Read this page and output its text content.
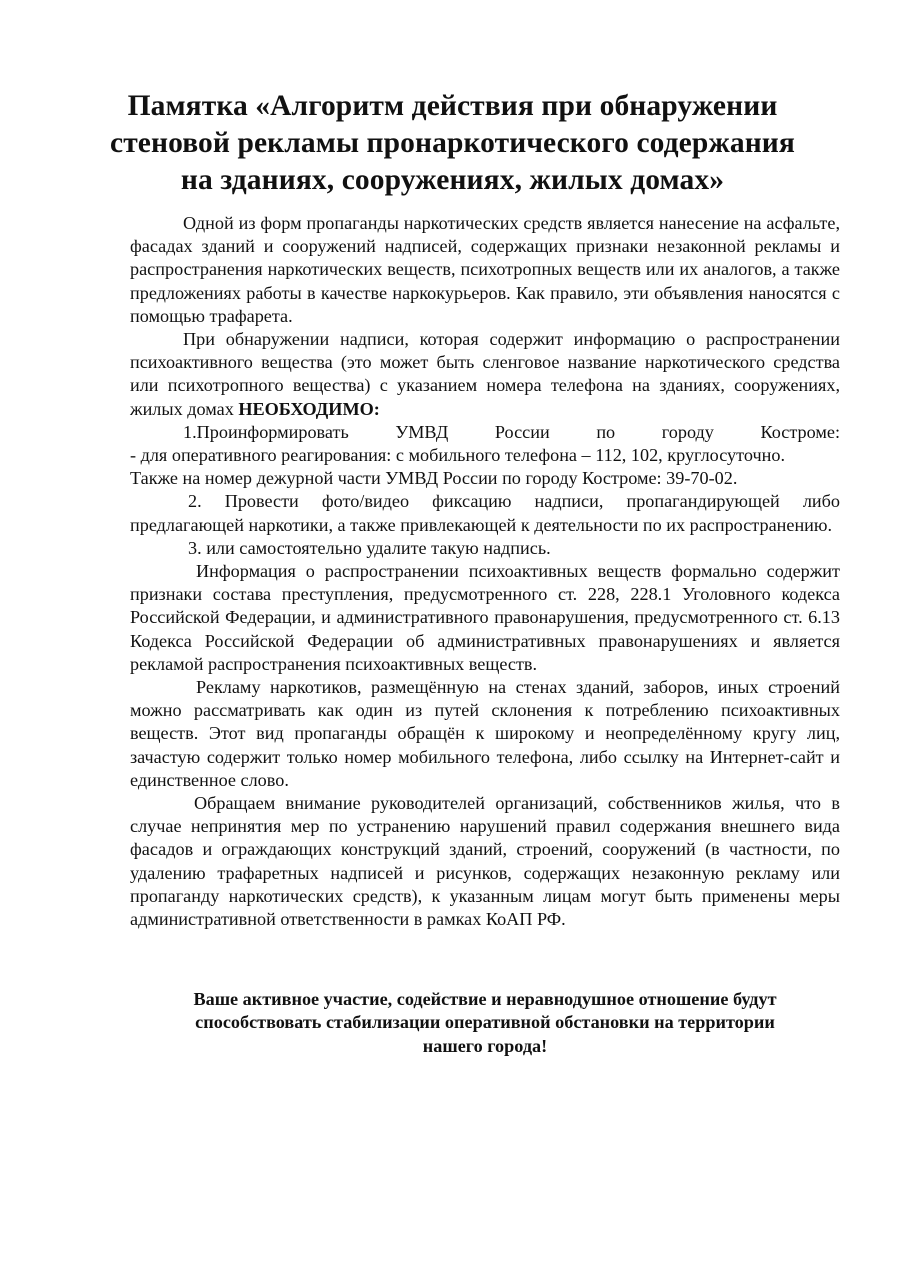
Памятка «Алгоритм действия при обнаружении
стеновой рекламы пронаркотического содержания
на зданиях, сооружениях, жилых домах»

Одной из форм пропаганды наркотических средств является нанесение на асфальте, фасадах зданий и сооружений надписей, содержащих признаки незаконной рекламы и распространения наркотических веществ, психотропных веществ или их аналогов, а также предложениях работы в качестве наркокурьеров. Как правило, эти объявления наносятся с помощью трафарета.

При обнаружении надписи, которая содержит информацию о распространении психоактивного вещества (это может быть сленговое название наркотического средства или психотропного вещества) с указанием номера телефона на зданиях, сооружениях, жилых домах НЕОБХОДИМО:

1.Проинформировать УМВД России по городу Костроме:

- для оперативного реагирования: с мобильного телефона – 112, 102, круглосуточно.

Также на номер дежурной части УМВД России по городу Костроме: 39-70-02.

2. Провести фото/видео фиксацию надписи, пропагандирующей либо предлагающей наркотики, а также привлекающей к деятельности по их распространению.

3. или самостоятельно удалите такую надпись.

Информация о распространении психоактивных веществ формально содержит признаки состава преступления, предусмотренного ст. 228, 228.1 Уголовного кодекса Российской Федерации, и административного правонарушения, предусмотренного ст. 6.13 Кодекса Российской Федерации об административных правонарушениях и является рекламой распространения психоактивных веществ.

Рекламу наркотиков, размещённую на стенах зданий, заборов, иных строений можно рассматривать как один из путей склонения к потреблению психоактивных веществ. Этот вид пропаганды обращён к широкому и неопределённому кругу лиц, зачастую содержит только номер мобильного телефона, либо ссылку на Интернет-сайт и единственное слово.

Обращаем внимание руководителей организаций, собственников жилья, что в случае непринятия мер по устранению нарушений правил содержания внешнего вида фасадов и ограждающих конструкций зданий, строений, сооружений (в частности, по удалению трафаретных надписей и рисунков, содержащих незаконную рекламу или пропаганду наркотических средств), к указанным лицам могут быть применены меры административной ответственности в рамках КоАП РФ.

Ваше активное участие, содействие и неравнодушное отношение будут
способствовать стабилизации оперативной обстановки на территории
нашего города!
